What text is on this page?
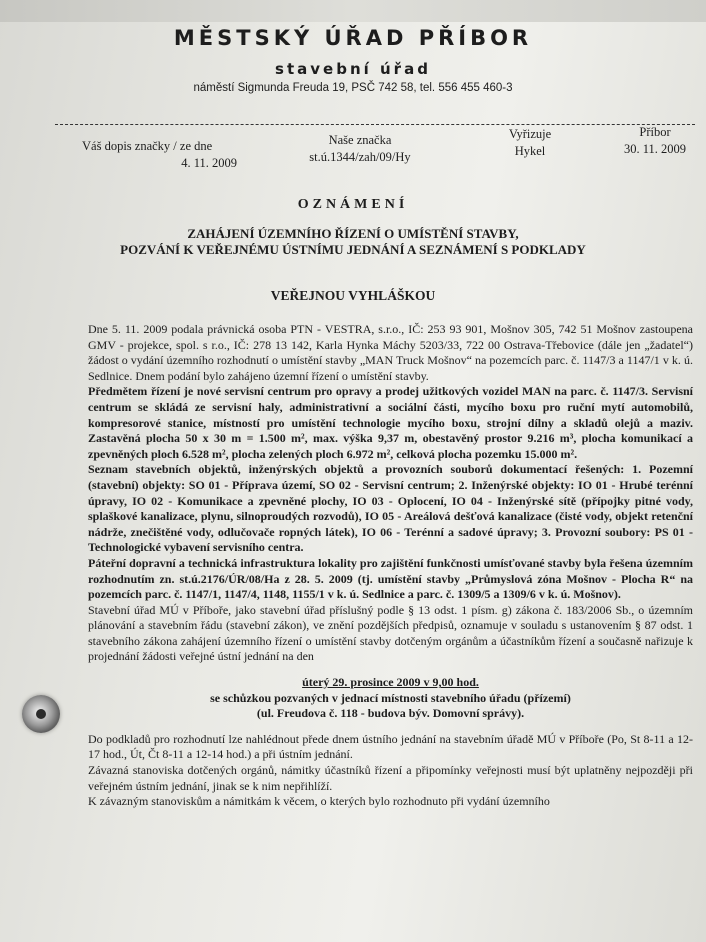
MĚSTSKÝ ÚŘAD PŘÍBOR
stavební úřad
náměstí Sigmunda Freuda 19, PSČ 742 58, tel. 556 455 460-3
Váš dopis značky / ze dne
4. 11. 2009
Naše značka
st.ú.1344/zah/09/Hy
Vyřizuje
Hykel
Příbor
30. 11. 2009
OZNÁMENÍ
ZAHÁJENÍ ÚZEMNÍHO ŘÍZENÍ O UMÍSTĚNÍ STAVBY,
POZVÁNÍ K VEŘEJNÉMU ÚSTNÍMU JEDNÁNÍ A SEZNÁMENÍ S PODKLADY
VEŘEJNOU VYHLÁŠKOU

Dne 5. 11. 2009 podala právnická osoba PTN - VESTRA, s.r.o., IČ: 253 93 901, Mošnov 305, 742 51 Mošnov zastoupena GMV - projekce, spol. s r.o., IČ: 278 13 142, Karla Hynka Máchy 5203/33, 722 00 Ostrava-Třebovice (dále jen „žadatel“) žádost o vydání územního rozhodnutí o umístění stavby „MAN Truck Mošnov“ na pozemcích parc. č. 1147/3 a 1147/1 v k. ú. Sedlnice. Dnem podání bylo zahájeno územní řízení o umístění stavby.

Předmětem řízení je nové servisní centrum pro opravy a prodej užitkových vozidel MAN na parc. č. 1147/3. Servisní centrum se skládá ze servisní haly, administrativní a sociální části, mycího boxu pro ruční mytí automobilů, kompresorové stanice, místností pro umístění technologie mycího boxu, strojní dílny a skladů olejů a maziv. Zastavěná plocha 50 x 30 m = 1.500 m², max. výška 9,37 m, obestavěný prostor 9.216 m³, plocha komunikací a zpevněných ploch 6.528 m², plocha zelených ploch 6.972 m², celková plocha pozemku 15.000 m².

Seznam stavebních objektů, inženýrských objektů a provozních souborů dokumentací řešených: 1. Pozemní (stavební) objekty: SO 01 - Příprava území, SO 02 - Servisní centrum; 2. Inženýrské objekty: IO 01 - Hrubé terénní úpravy, IO 02 - Komunikace a zpevněné plochy, IO 03 - Oplocení, IO 04 - Inženýrské sítě (přípojky pitné vody, splaškové kanalizace, plynu, silnoproudých rozvodů), IO 05 - Areálová dešťová kanalizace (čisté vody, objekt retenční nádrže, znečištěné vody, odlučovače ropných látek), IO 06 - Terénní a sadové úpravy; 3. Provozní soubory: PS 01 - Technologické vybavení servisního centra.

Páteřní dopravní a technická infrastruktura lokality pro zajištění funkčnosti umísťované stavby byla řešena územním rozhodnutím zn. st.ú.2176/ÚR/08/Ha z 28. 5. 2009 (tj. umístění stavby „Průmyslová zóna Mošnov - Plocha R“ na pozemcích parc. č. 1147/1, 1147/4, 1148, 1155/1 v k. ú. Sedlnice a parc. č. 1309/5 a 1309/6 v k. ú. Mošnov).

Stavební úřad MÚ v Příboře, jako stavební úřad příslušný podle § 13 odst. 1 písm. g) zákona č. 183/2006 Sb., o územním plánování a stavebním řádu (stavební zákon), ve znění pozdějších předpisů, oznamuje v souladu s ustanovením § 87 odst. 1 stavebního zákona zahájení územního řízení o umístění stavby dotčeným orgánům a účastníkům řízení a současně nařizuje k projednání žádosti veřejné ústní jednání na den

úterý 29. prosince 2009 v 9,00 hod.

se schůzkou pozvaných v jednací místnosti stavebního úřadu (přízemí)

(ul. Freudova č. 118 - budova býv. Domovní správy).

Do podkladů pro rozhodnutí lze nahlédnout přede dnem ústního jednání na stavebním úřadě MÚ v Příboře (Po, St 8-11 a 12-17 hod., Út, Čt 8-11 a 12-14 hod.) a při ústním jednání.

Závazná stanoviska dotčených orgánů, námitky účastníků řízení a připomínky veřejnosti musí být uplatněny nejpozději při veřejném ústním jednání, jinak se k nim nepřihlíží.

K závazným stanoviskům a námitkám k věcem, o kterých bylo rozhodnuto při vydání územního
